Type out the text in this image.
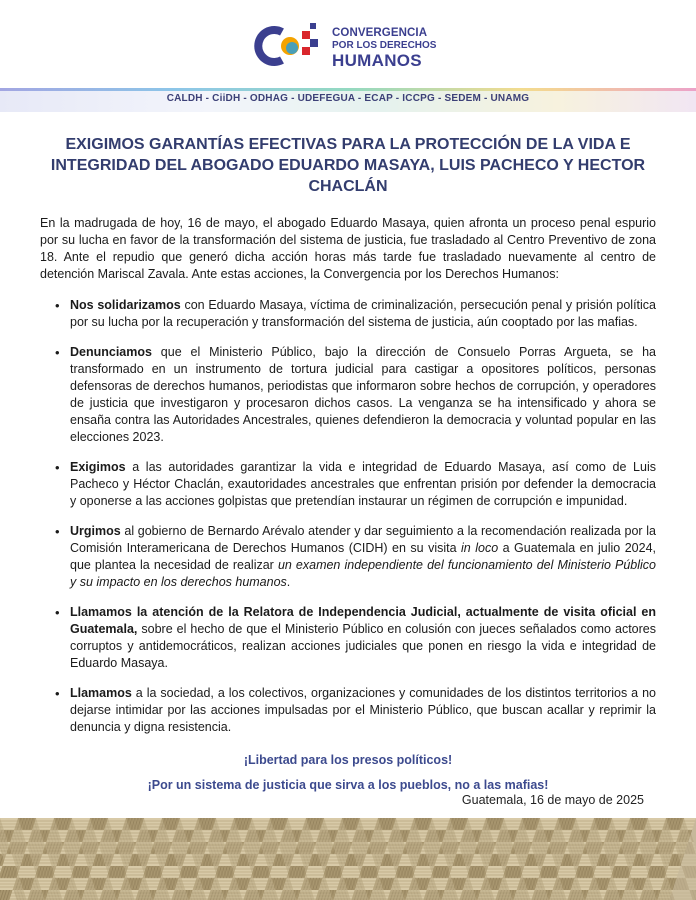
CONVERGENCIA
POR LOS DERECHOS
HUMANOS
CALDH - CiiDH - ODHAG - UDEFEGUA - ECAP - ICCPG - SEDEM - UNAMG
EXIGIMOS GARANTÍAS EFECTIVAS PARA LA PROTECCIÓN DE LA VIDA E INTEGRIDAD DEL ABOGADO EDUARDO MASAYA, LUIS PACHECO Y HECTOR CHACLÁN

En la madrugada de hoy, 16 de mayo, el abogado Eduardo Masaya, quien afronta un proceso penal espurio por su lucha en favor de la transformación del sistema de justicia, fue trasladado al Centro Preventivo de zona 18. Ante el repudio que generó dicha acción horas más tarde fue trasladado nuevamente al centro de detención Mariscal Zavala. Ante estas acciones, la Convergencia por los Derechos Humanos:

• Nos solidarizamos con Eduardo Masaya, víctima de criminalización, persecución penal y prisión política por su lucha por la recuperación y transformación del sistema de justicia, aún cooptado por las mafias.
• Denunciamos que el Ministerio Público, bajo la dirección de Consuelo Porras Argueta, se ha transformado en un instrumento de tortura judicial para castigar a opositores políticos, personas defensoras de derechos humanos, periodistas que informaron sobre hechos de corrupción, y operadores de justicia que investigaron y procesaron dichos casos. La venganza se ha intensificado y ahora se ensaña contra las Autoridades Ancestrales, quienes defendieron la democracia y voluntad popular en las elecciones 2023.
• Exigimos a las autoridades garantizar la vida e integridad de Eduardo Masaya, así como de Luis Pacheco y Héctor Chaclán, exautoridades ancestrales que enfrentan prisión por defender la democracia y oponerse a las acciones golpistas que pretendían instaurar un régimen de corrupción e impunidad.
• Urgimos al gobierno de Bernardo Arévalo atender y dar seguimiento a la recomendación realizada por la Comisión Interamericana de Derechos Humanos (CIDH) en su visita in loco a Guatemala en julio 2024, que plantea la necesidad de realizar un examen independiente del funcionamiento del Ministerio Público y su impacto en los derechos humanos.
• Llamamos la atención de la Relatora de Independencia Judicial, actualmente de visita oficial en Guatemala, sobre el hecho de que el Ministerio Público en colusión con jueces señalados como actores corruptos y antidemocráticos, realizan acciones judiciales que ponen en riesgo la vida e integridad de Eduardo Masaya.
• Llamamos a la sociedad, a los colectivos, organizaciones y comunidades de los distintos territorios a no dejarse intimidar por las acciones impulsadas por el Ministerio Público, que buscan acallar y reprimir la denuncia y digna resistencia.
¡Libertad para los presos políticos!
¡Por un sistema de justicia que sirva a los pueblos, no a las mafias!
Guatemala, 16 de mayo de 2025
